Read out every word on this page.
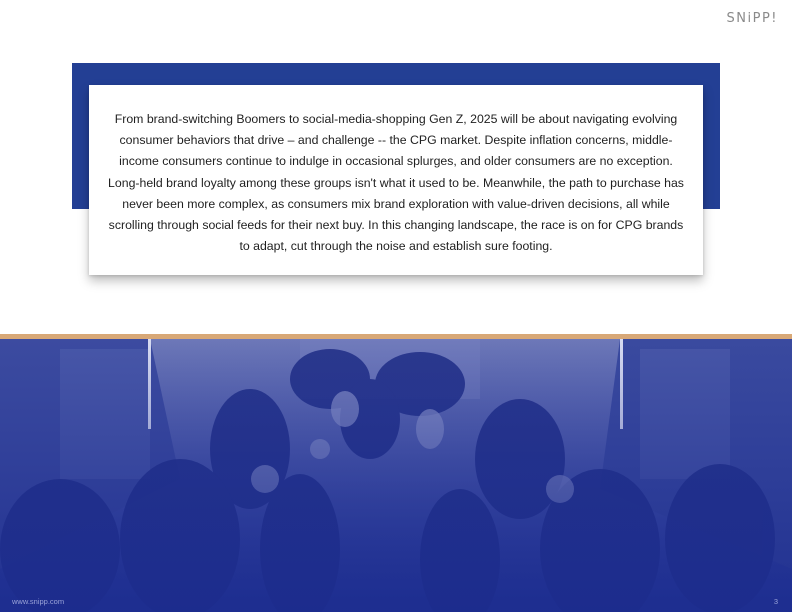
SNiPP!

From brand-switching Boomers to social-media-shopping Gen Z, 2025 will be about navigating evolving consumer behaviors that drive – and challenge -- the CPG market. Despite inflation concerns, middle-income consumers continue to indulge in occasional splurges, and older consumers are no exception. Long-held brand loyalty among these groups isn't what it used to be. Meanwhile, the path to purchase has never been more complex, as consumers mix brand exploration with value-driven decisions, all while scrolling through social feeds for their next buy. In this changing landscape, the race is on for CPG brands to adapt, cut through the noise and establish sure footing.

www.snipp.com	3
